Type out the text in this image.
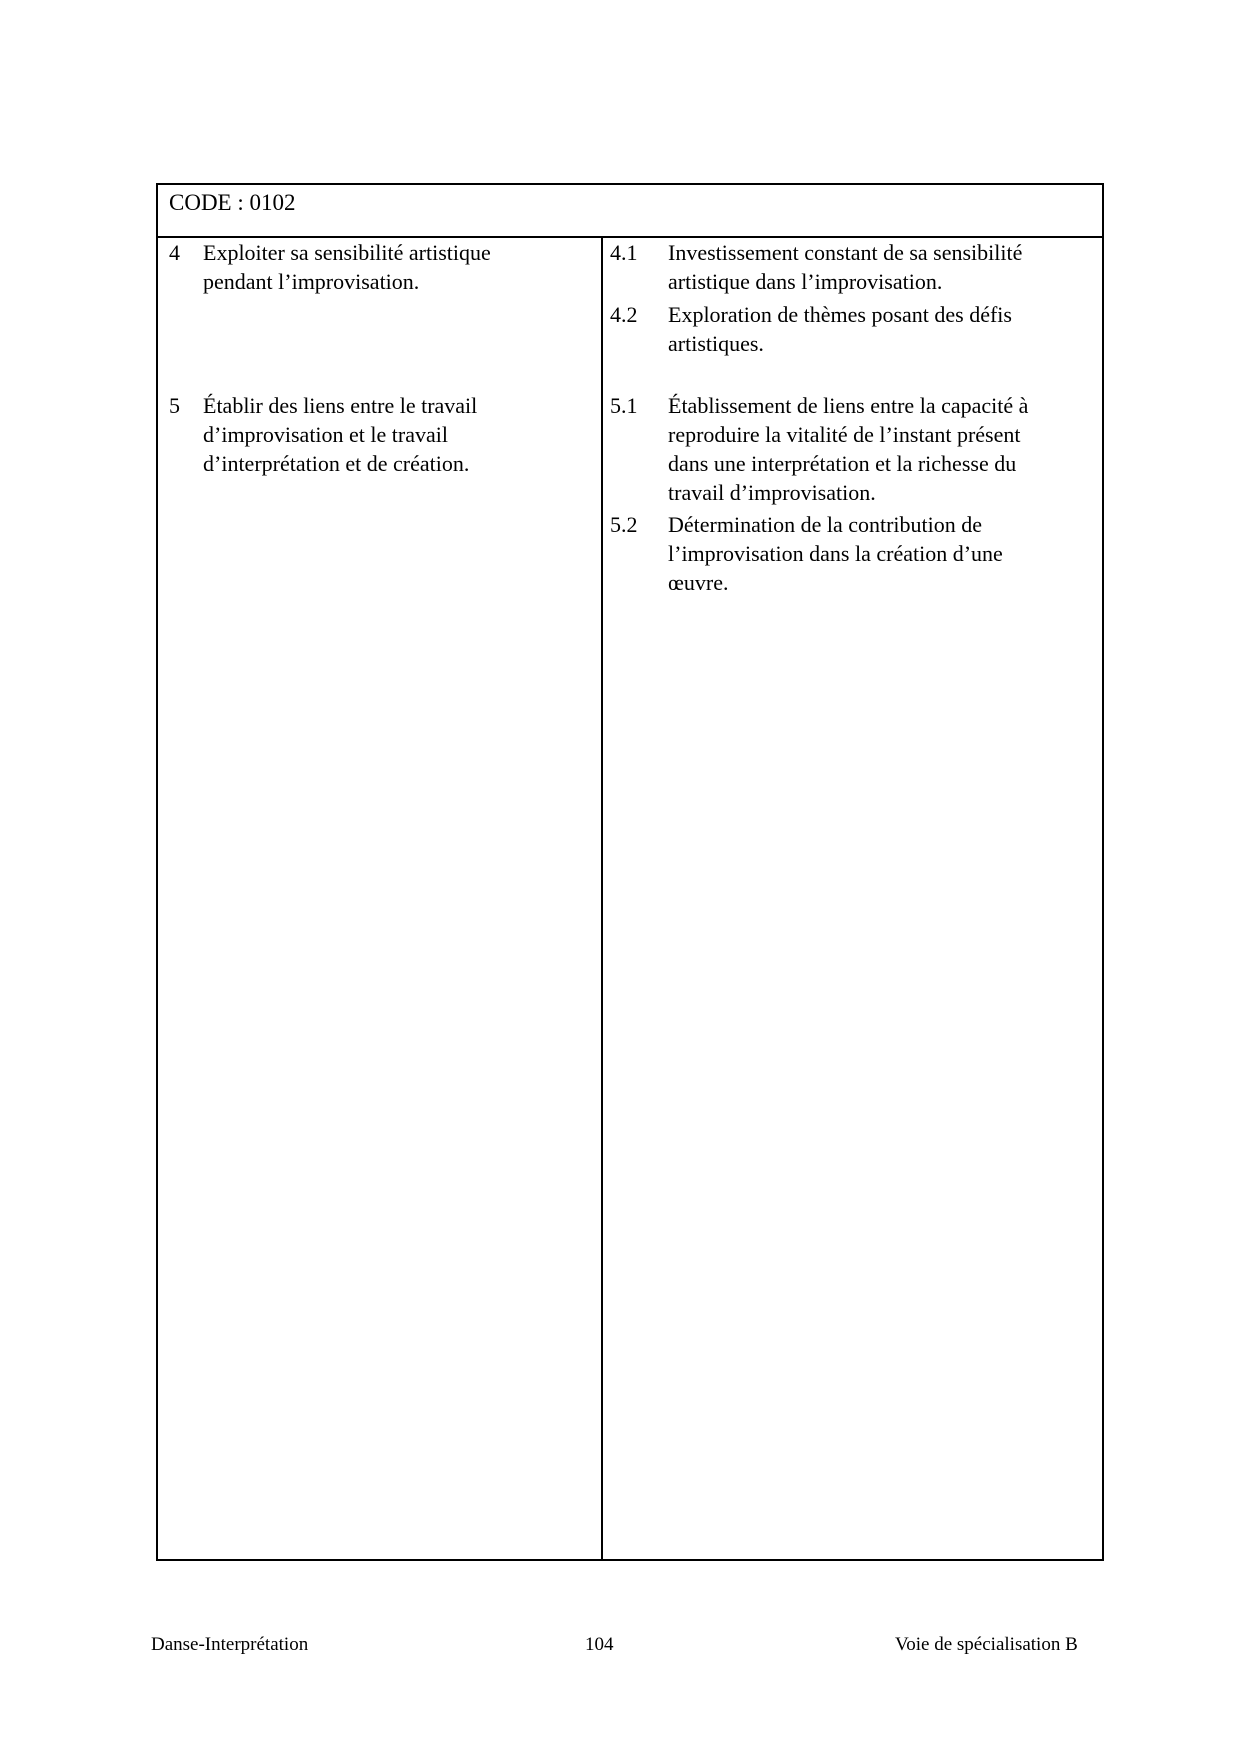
CODE : 0102
4 Exploiter sa sensibilité artistique
pendant l’improvisation.
4.1 Investissement constant de sa sensibilité
artistique dans l’improvisation.
4.2 Exploration de thèmes posant des défis
artistiques.
5 Établir des liens entre le travail
d’improvisation et le travail
d’interprétation et de création.
5.1 Établissement de liens entre la capacité à
reproduire la vitalité de l’instant présent
dans une interprétation et la richesse du
travail d’improvisation.
5.2 Détermination de la contribution de
l’improvisation dans la création d’une
œuvre.
Danse-Interprétation	104	Voie de spécialisation B
